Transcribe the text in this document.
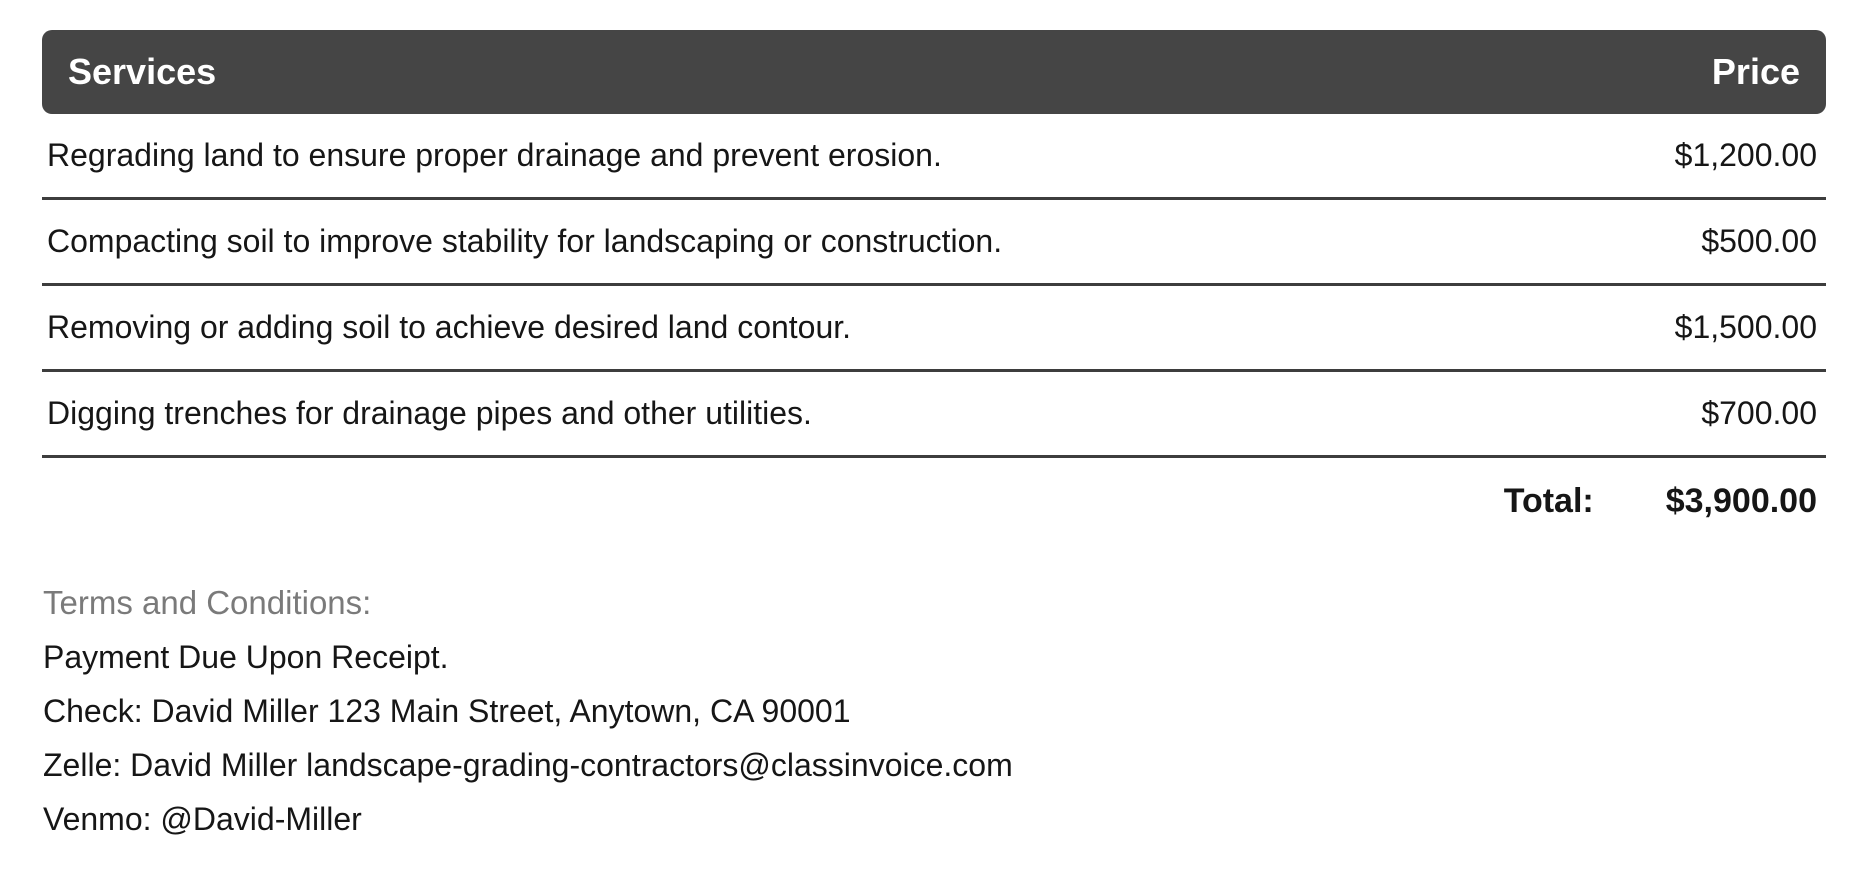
Services	Price
Regrading land to ensure proper drainage and prevent erosion.	$1,200.00
Compacting soil to improve stability for landscaping or construction.	$500.00
Removing or adding soil to achieve desired land contour.	$1,500.00
Digging trenches for drainage pipes and other utilities.	$700.00
Total: $3,900.00
Terms and Conditions:
Payment Due Upon Receipt.
Check: David Miller 123 Main Street, Anytown, CA 90001
Zelle: David Miller landscape-grading-contractors@classinvoice.com
Venmo: @David-Miller
